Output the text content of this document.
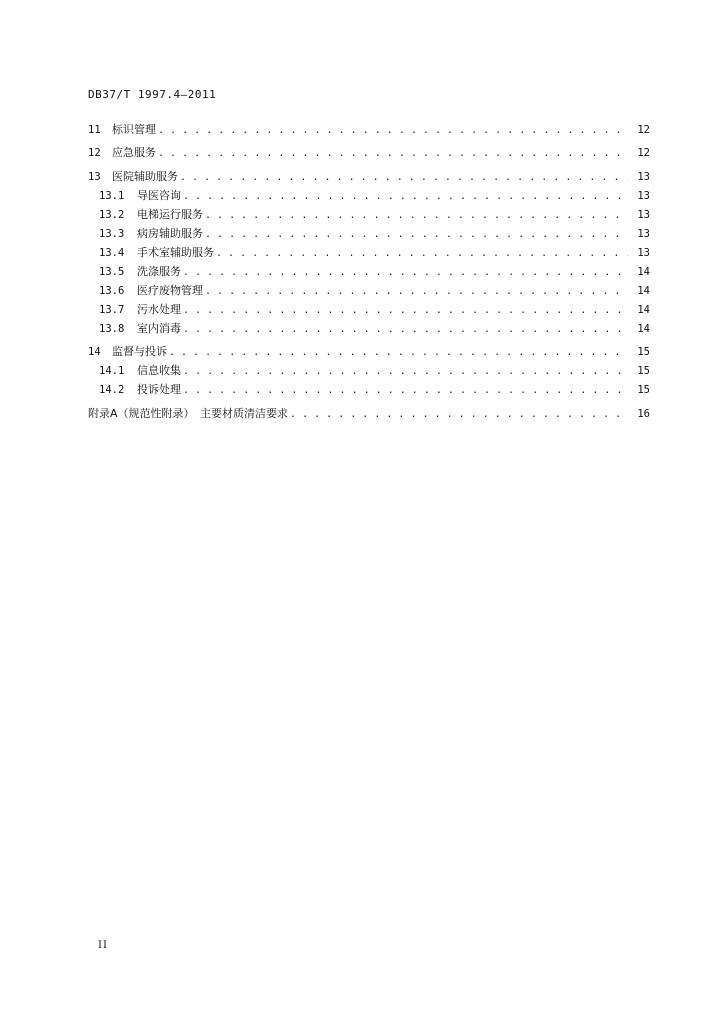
DB37/T 1997.4—2011
11	标识管理 . . .	12
12	应急服务 . . .	12
13	医院辅助服务 . . .	13
13.1	导医咨询 . . .	13
13.2	电梯运行服务 . . .	13
13.3	病房辅助服务 . . .	13
13.4	手术室辅助服务 . . .	13
13.5	洗涤服务 . . .	14
13.6	医疗废物管理 . . .	14
13.7	污水处理 . . .	14
13.8	室内消毒 . . .	14
14	监督与投诉 . . .	15
14.1	信息收集 . . .	15
14.2	投诉处理 . . .	15
附录A（规范性附录）　主要材质清洁要求 . . .	16
II
